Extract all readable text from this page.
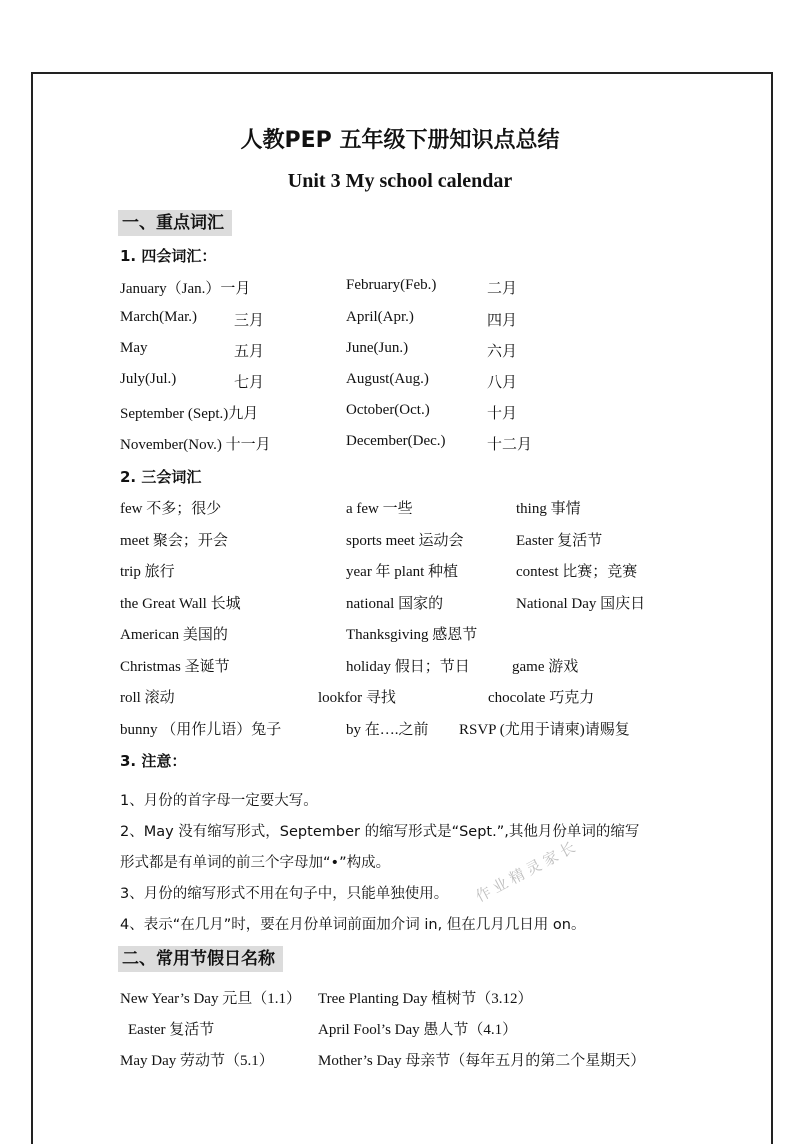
人教PEP 五年级下册知识点总结
Unit 3 My school calendar
一、重点词汇
1. 四会词汇：
January（Jan.）一月	February(Feb.)	二月
March(Mar.) 三月	April(Apr.)	四月
May	五月	June(Jun.)	六月
July(Jul.)	七月	August(Aug.)	八月
September (Sept.)九月	October(Oct.)	十月
November(Nov.) 十一月	December(Dec.)	十二月
2. 三会词汇
few 不多；很少	a few 一些	thing 事情
meet 聚会；开会	sports meet 运动会	Easter 复活节
trip 旅行	year 年 plant 种植	contest 比赛；竞赛
the Great Wall 长城	national 国家的	National Day 国庆日
American 美国的	Thanksgiving 感恩节
Christmas 圣诞节	holiday 假日；节日	game 游戏
roll 滚动	lookfor 寻找	chocolate 巧克力
bunny （用作儿语）兔子	by 在….之前 RSVP (尤用于请柬)请赐复
3. 注意：
1、月份的首字母一定要大写。
2、May 没有缩写形式，September 的缩写形式是“Sept.”,其他月份单词的缩写
形式都是有单词的前三个字母加“•”构成。
3、月份的缩写形式不用在句子中，只能单独使用。
4、表示“在几月”时，要在月份单词前面加介词 in, 但在几月几日用 on。
作业精灵家长
二、常用节假日名称
New Year’s Day 元旦（1.1） Tree Planting Day 植树节（3.12）
Easter 复活节	April Fool’s Day 愚人节（4.1）
May Day 劳动节（5.1）	Mother’s Day 母亲节（每年五月的第二个星期天）
